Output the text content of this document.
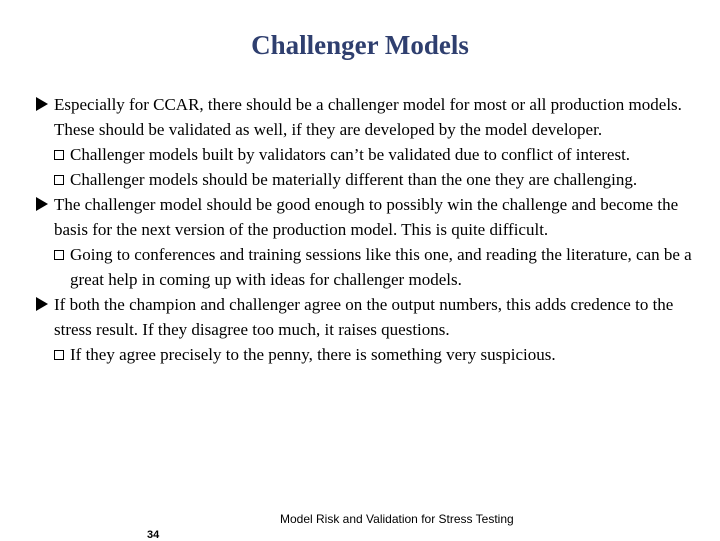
Challenger Models
Especially for CCAR, there should be a challenger model for most or all production models. These should be validated as well, if they are developed by the model developer.
Challenger models built by validators can’t be validated due to conflict of interest.
Challenger models should be materially different than the one they are challenging.
The challenger model should be good enough to possibly win the challenge and become the basis for the next version of the production model. This is quite difficult.
Going to conferences and training sessions like this one, and reading the literature, can be a great help in coming up with ideas for challenger models.
If both the champion and challenger agree on the output numbers, this adds credence to the stress result. If they disagree too much, it raises questions.
If they agree precisely to the penny, there is something very suspicious.
Model Risk and Validation for Stress Testing
34
